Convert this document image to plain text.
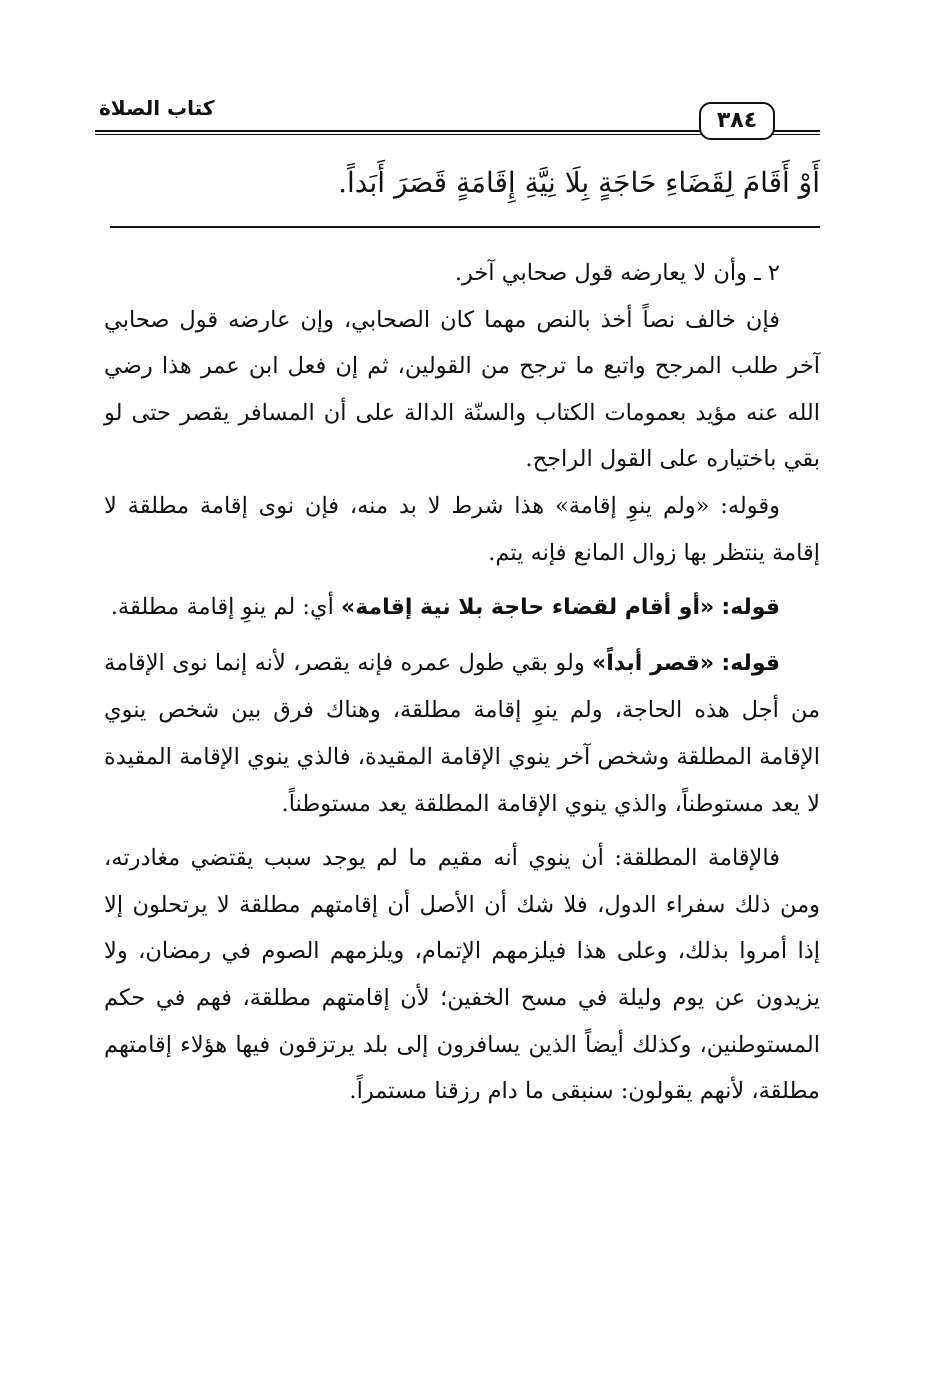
كتاب الصلاة	٣٨٤
أَوْ أَقَامَ لِقَضَاءِ حَاجَةٍ بِلَا نِيَّةِ إِقَامَةٍ قَصَرَ أَبَداً.

٢ ـ وأن لا يعارضه قول صحابي آخر.

فإن خالف نصاً أخذ بالنص مهما كان الصحابي، وإن عارضه قول صحابي آخر طلب المرجح واتبع ما ترجح من القولين، ثم إن فعل ابن عمر هذا رضي الله عنه مؤيد بعمومات الكتاب والسنّة الدالة على أن المسافر يقصر حتى لو بقي باختياره على القول الراجح.

وقوله: «ولم ينوِ إقامة» هذا شرط لا بد منه، فإن نوى إقامة مطلقة لا إقامة ينتظر بها زوال المانع فإنه يتم.

قوله: «أو أقام لقضاء حاجة بلا نية إقامة» أي: لم ينوِ إقامة مطلقة.

قوله: «قصر أبداً» ولو بقي طول عمره فإنه يقصر، لأنه إنما نوى الإقامة من أجل هذه الحاجة، ولم ينوِ إقامة مطلقة، وهناك فرق بين شخص ينوي الإقامة المطلقة وشخص آخر ينوي الإقامة المقيدة، فالذي ينوي الإقامة المقيدة لا يعد مستوطناً، والذي ينوي الإقامة المطلقة يعد مستوطناً.

فالإقامة المطلقة: أن ينوي أنه مقيم ما لم يوجد سبب يقتضي مغادرته، ومن ذلك سفراء الدول، فلا شك أن الأصل أن إقامتهم مطلقة لا يرتحلون إلا إذا أمروا بذلك، وعلى هذا فيلزمهم الإتمام، ويلزمهم الصوم في رمضان، ولا يزيدون عن يوم وليلة في مسح الخفين؛ لأن إقامتهم مطلقة، فهم في حكم المستوطنين، وكذلك أيضاً الذين يسافرون إلى بلد يرتزقون فيها هؤلاء إقامتهم مطلقة، لأنهم يقولون: سنبقى ما دام رزقنا مستمراً.
